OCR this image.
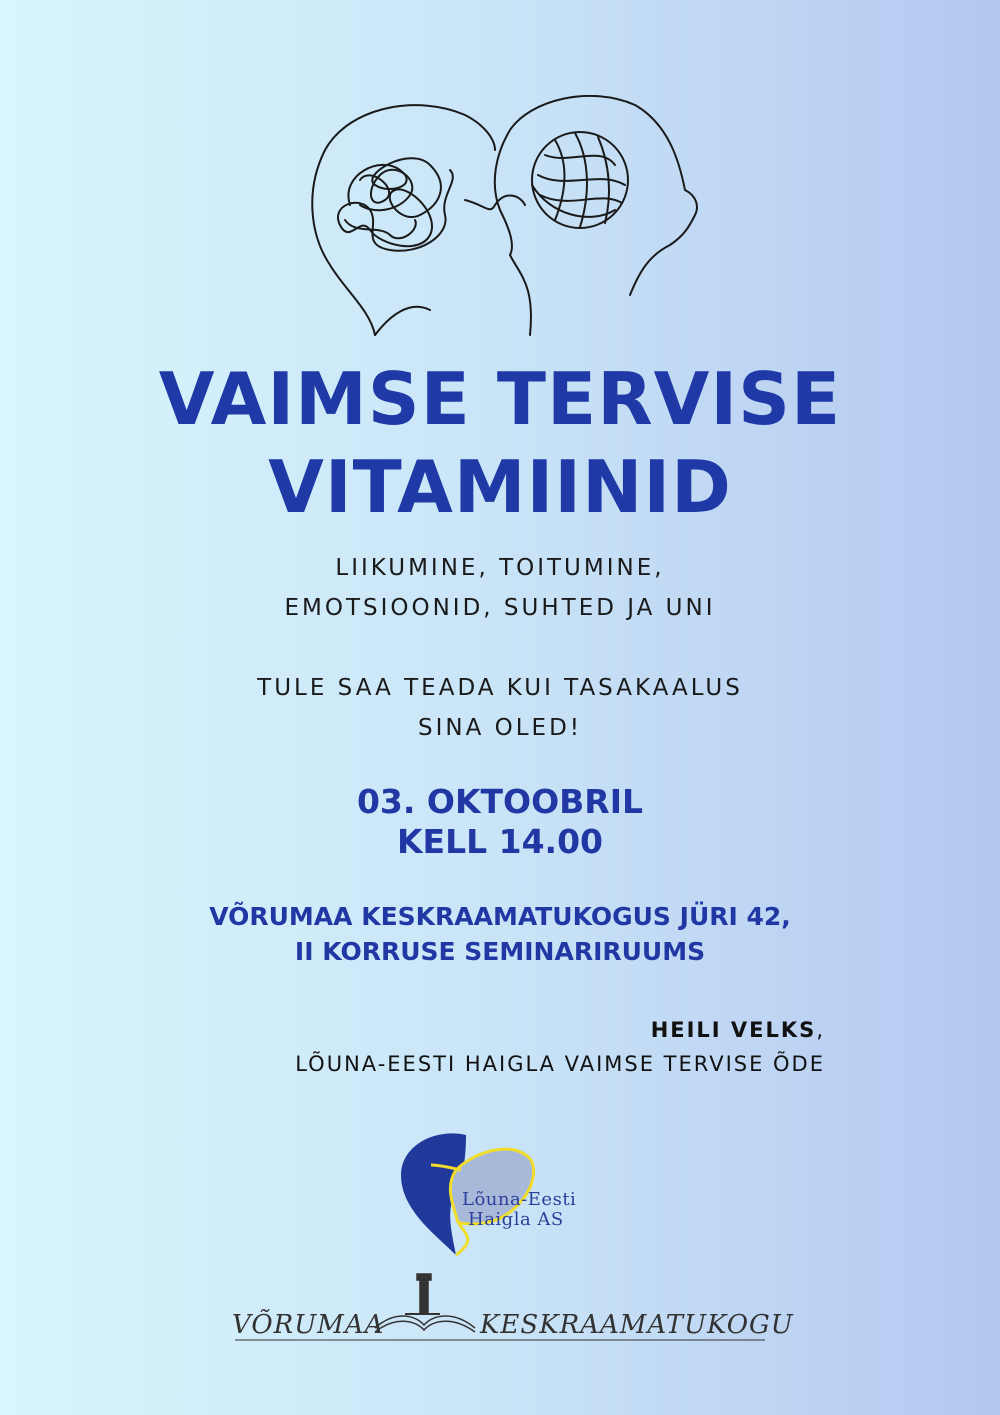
VAIMSE TERVISE
VITAMIINID
LIIKUMINE, TOITUMINE,
EMOTSIOONID, SUHTED JA UNI
TULE SAA TEADA KUI TASAKAALUS
SINA OLED!
03. OKTOOBRIL
KELL 14.00
VÕRUMAA KESKRAAMATUKOGUS JÜRI 42,
II KORRUSE SEMINARIRUUMS
HEILI VELKS,
LÕUNA-EESTI HAIGLA VAIMSE TERVISE ÕDE
Lõuna-Eesti
Haigla AS
VÕRUMAA	KESKRAAMATUKOGU
